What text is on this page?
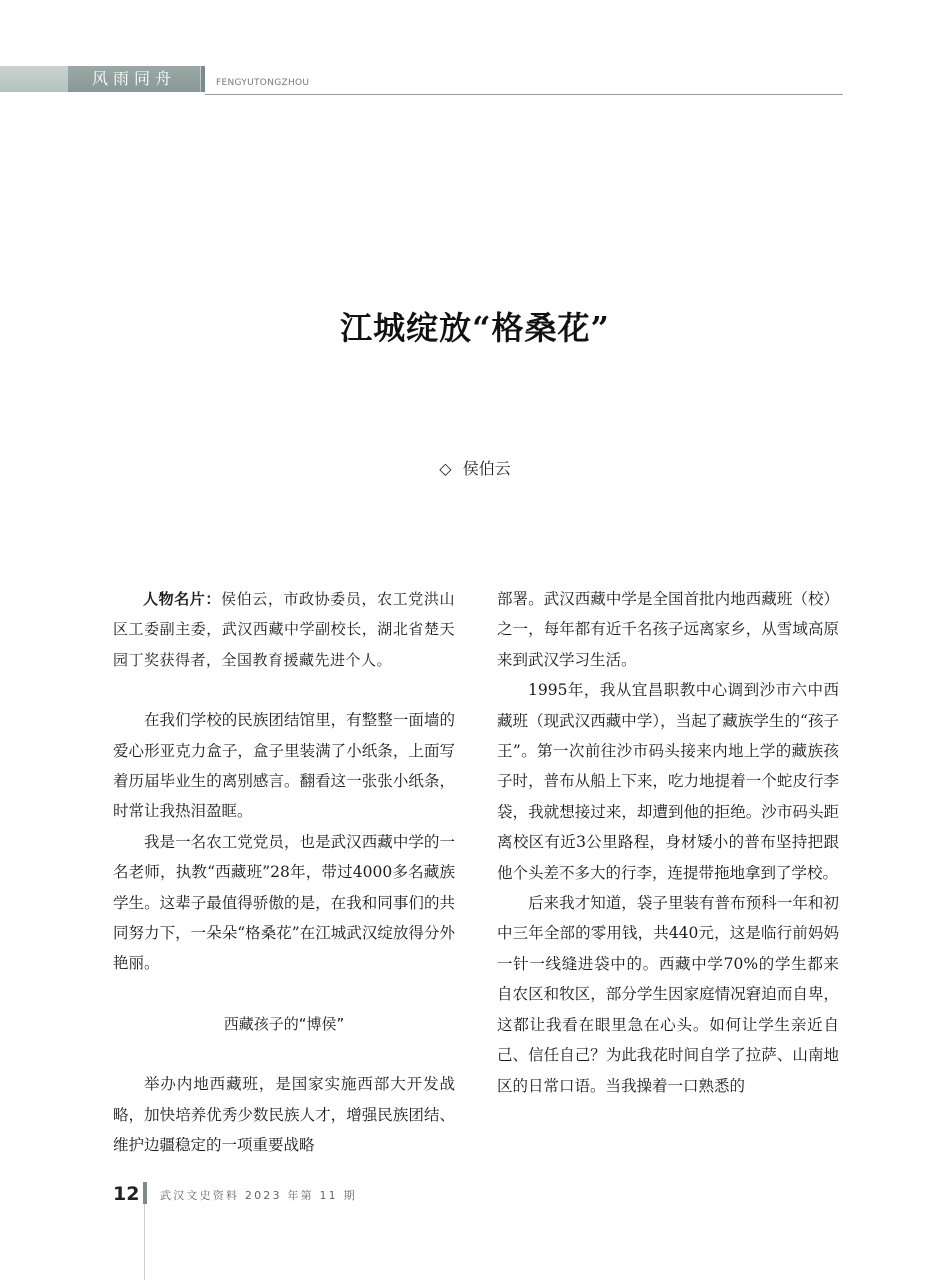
风雨同舟	FENGYUTONGZHOU
江城绽放“格桑花”
◇ 侯伯云

人物名片：侯伯云，市政协委员，农工党洪山区工委副主委，武汉西藏中学副校长，湖北省楚天园丁奖获得者，全国教育援藏先进个人。

在我们学校的民族团结馆里，有整整一面墙的爱心形亚克力盒子，盒子里装满了小纸条，上面写着历届毕业生的离别感言。翻看这一张张小纸条，时常让我热泪盈眶。

我是一名农工党党员，也是武汉西藏中学的一名老师，执教“西藏班”28年，带过4000多名藏族学生。这辈子最值得骄傲的是，在我和同事们的共同努力下，一朵朵“格桑花”在江城武汉绽放得分外艳丽。

西藏孩子的“博侯”

举办内地西藏班，是国家实施西部大开发战略，加快培养优秀少数民族人才，增强民族团结、维护边疆稳定的一项重要战略

部署。武汉西藏中学是全国首批内地西藏班（校）之一，每年都有近千名孩子远离家乡，从雪域高原来到武汉学习生活。

1995年，我从宜昌职教中心调到沙市六中西藏班（现武汉西藏中学），当起了藏族学生的“孩子王”。第一次前往沙市码头接来内地上学的藏族孩子时，普布从船上下来，吃力地提着一个蛇皮行李袋，我就想接过来，却遭到他的拒绝。沙市码头距离校区有近3公里路程，身材矮小的普布坚持把跟他个头差不多大的行李，连提带拖地拿到了学校。

后来我才知道，袋子里装有普布预科一年和初中三年全部的零用钱，共440元，这是临行前妈妈一针一线缝进袋中的。西藏中学70%的学生都来自农区和牧区，部分学生因家庭情况窘迫而自卑，这都让我看在眼里急在心头。如何让学生亲近自己、信任自己？为此我花时间自学了拉萨、山南地区的日常口语。当我操着一口熟悉的

12 武汉文史资料 2023 年第 11 期
